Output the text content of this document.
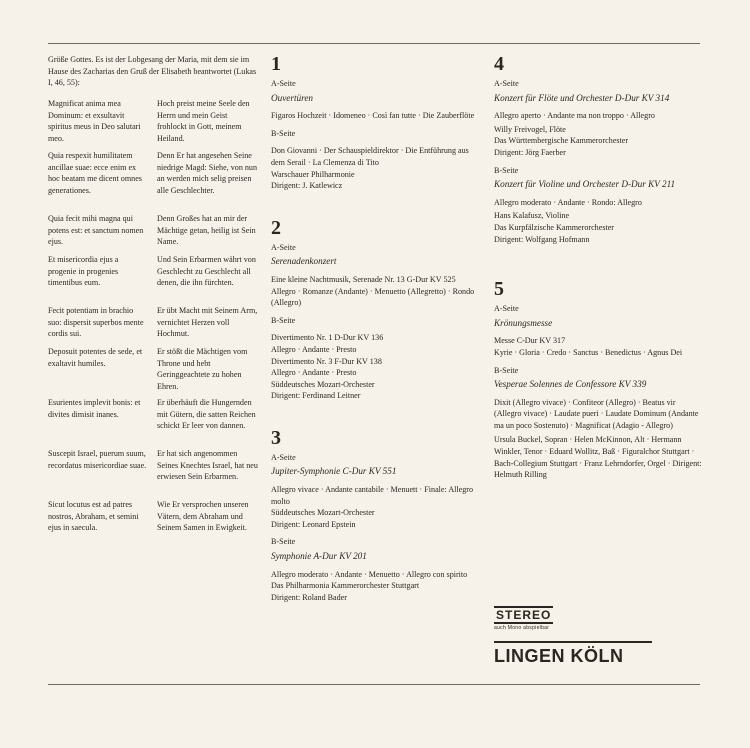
Größe Gottes. Es ist der Lobgesang der Maria, mit dem sie im Hause des Zacharias den Gruß der Elisabeth beantwortet (Lukas I, 46, 55):

Magnificat anima mea Dominum: et exsultavit spiritus meus in Deo salutari meo.
Hoch preist meine Seele den Herrn und mein Geist frohlockt in Gott, meinem Heiland.
Quia respexit humilitatem ancillae suae: ecce enim ex hoc beatam me dicent omnes generationes.
Denn Er hat angesehen Seine niedrige Magd: Siehe, von nun an werden mich selig preisen alle Geschlechter.
Quia fecit mihi magna qui potens est: et sanctum nomen ejus.
Denn Großes hat an mir der Mächtige getan, heilig ist Sein Name.
Et misericordia ejus a progenie in progenies timentibus eum.
Und Sein Erbarmen währt von Geschlecht zu Geschlecht all denen, die ihn fürchten.
Fecit potentiam in brachio suo: dispersit superbos mente cordis sui.
Er übt Macht mit Seinem Arm, vernichtet Herzen voll Hochmut.
Deposuit potentes de sede, et exaltavit humiles.
Er stößt die Mächtigen vom Throne und hebt Geringgeachtete zu hohen Ehren.
Esurientes implevit bonis: et divites dimisit inanes.
Er überhäuft die Hungernden mit Gütern, die satten Reichen schickt Er leer von dannen.
Suscepit Israel, puerum suum, recordatus misericordiae suae.
Er hat sich angenommen Seines Knechtes Israel, hat neu erwiesen Sein Erbarmen.
Sicut locutus est ad patres nostros, Abraham, et semini ejus in saecula.
Wie Er versprochen unseren Vätern, dem Abraham und Seinem Samen in Ewigkeit.
1
A-Seite
Ouvertüren

Figaros Hochzeit · Idomeneo · Così fan tutte · Die Zauberflöte

B-Seite

Don Giovanni · Der Schauspieldirektor · Die Entführung aus dem Serail · La Clemenza di Tito

Warschauer Philharmonie

Dirigent: J. Katlewicz

2
A-Seite
Serenadenkonzert

Eine kleine Nachtmusik, Serenade Nr. 13 G-Dur KV 525

Allegro · Romanze (Andante) · Menuetto (Allegretto) · Rondo (Allegro)

B-Seite

Divertimento Nr. 1 D-Dur KV 136

Allegro · Andante · Presto

Divertimento Nr. 3 F-Dur KV 138

Allegro · Andante · Presto

Süddeutsches Mozart-Orchester

Dirigent: Ferdinand Leitner

3
A-Seite
Jupiter-Symphonie C-Dur KV 551

Allegro vivace · Andante cantabile · Menuett · Finale: Allegro molto

Süddeutsches Mozart-Orchester

Dirigent: Leonard Epstein

B-Seite
Symphonie A-Dur KV 201

Allegro moderato · Andante · Menuetto · Allegro con spirito

Das Philharmonia Kammerorchester Stuttgart

Dirigent: Roland Bader

4
A-Seite
Konzert für Flöte und Orchester D-Dur KV 314

Allegro aperto · Andante ma non troppo · Allegro

Willy Freivogel, Flöte

Das Württembergische Kammerorchester

Dirigent: Jörg Faerber

B-Seite
Konzert für Violine und Orchester D-Dur KV 211

Allegro moderato · Andante · Rondo: Allegro

Hans Kalafusz, Violine

Das Kurpfälzische Kammerorchester

Dirigent: Wolfgang Hofmann

5
A-Seite
Krönungsmesse

Messe C-Dur KV 317

Kyrie · Gloria · Credo · Sanctus · Benedictus · Agnus Dei

B-Seite
Vesperae Solennes de Confessore KV 339

Dixit (Allegro vivace) · Confiteor (Allegro) · Beatus vir (Allegro vivace) · Laudate pueri · Laudate Dominum (Andante ma un poco Sostenuto) · Magnificat (Adagio - Allegro)

Ursula Buckel, Sopran · Helen McKinnon, Alt · Hermann Winkler, Tenor · Eduard Wollitz, Baß · Figuralchor Stuttgart · Bach-Collegium Stuttgart · Franz Lehrndorfer, Orgel · Dirigent: Helmuth Rilling

STEREO
auch Mono abspielbar
LINGEN KÖLN
